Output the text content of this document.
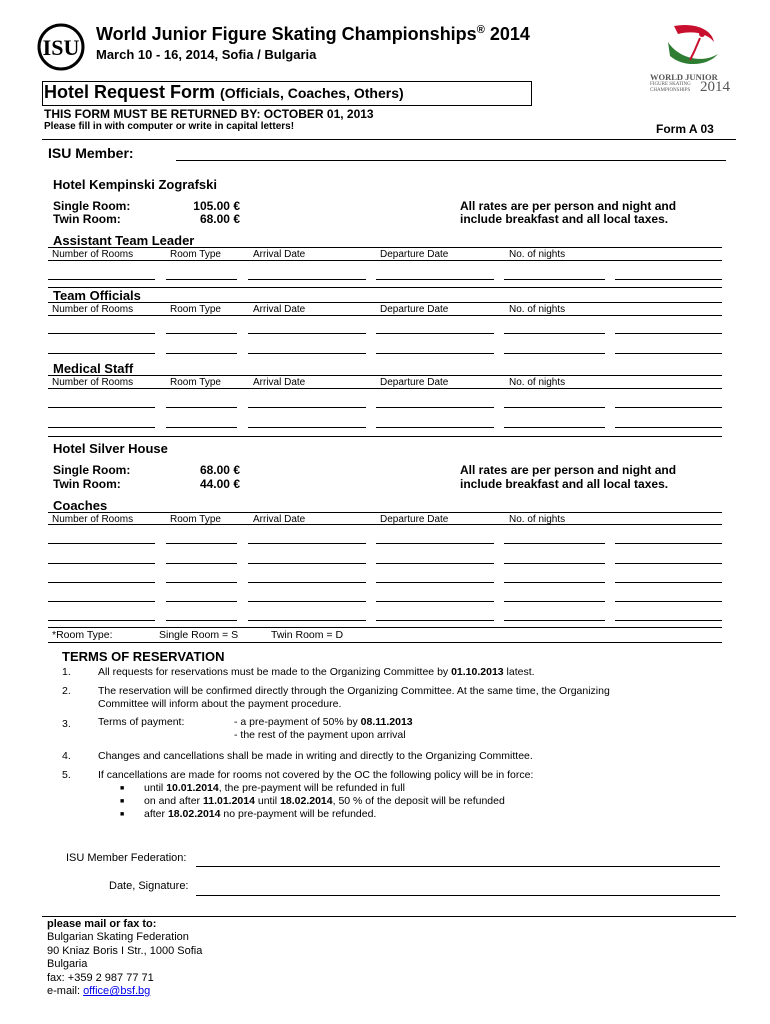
ISU
World Junior Figure Skating Championships® 2014
March 10 - 16, 2014, Sofia / Bulgaria
WORLD JUNIOR
FIGURE SKATING
CHAMPIONSHIPS 2014
Hotel Request Form (Officials, Coaches, Others)
THIS FORM MUST BE RETURNED BY: OCTOBER 01, 2013
Please fill in with computer or write in capital letters!	Form A 03
ISU Member:
Hotel Kempinski Zografski
Single Room:	105.00 €
Twin Room:	68.00 €
All rates are per person and night and
include breakfast and all local taxes.
Assistant Team Leader
Number of Rooms	Room Type	Arrival Date	Departure Date	No. of nights
Team Officials
Number of Rooms	Room Type	Arrival Date	Departure Date	No. of nights
Medical Staff
Number of Rooms	Room Type	Arrival Date	Departure Date	No. of nights
Hotel Silver House
Single Room:	68.00 €
Twin Room:	44.00 €
All rates are per person and night and
include breakfast and all local taxes.
Coaches
Number of Rooms	Room Type	Arrival Date	Departure Date	No. of nights
*Room Type:	Single Room = S	Twin Room = D
TERMS OF RESERVATION
1.	All requests for reservations must be made to the Organizing Committee by 01.10.2013 latest.
2.	The reservation will be confirmed directly through the Organizing Committee. At the same time, the Organizing
Committee will inform about the payment procedure.
3.	Terms of payment:	- a pre-payment of 50% by 08.11.2013
- the rest of the payment upon arrival
4.	Changes and cancellations shall be made in writing and directly to the Organizing Committee.
5.	If cancellations are made for rooms not covered by the OC the following policy will be in force:
■ until 10.01.2014, the pre-payment will be refunded in full
■ on and after 11.01.2014 until 18.02.2014, 50 % of the deposit will be refunded
■ after 18.02.2014 no pre-payment will be refunded.
ISU Member Federation:
Date, Signature:
please mail or fax to:
Bulgarian Skating Federation
90 Kniaz Boris I Str., 1000 Sofia
Bulgaria
fax: +359 2 987 77 71
e-mail: office@bsf.bg
